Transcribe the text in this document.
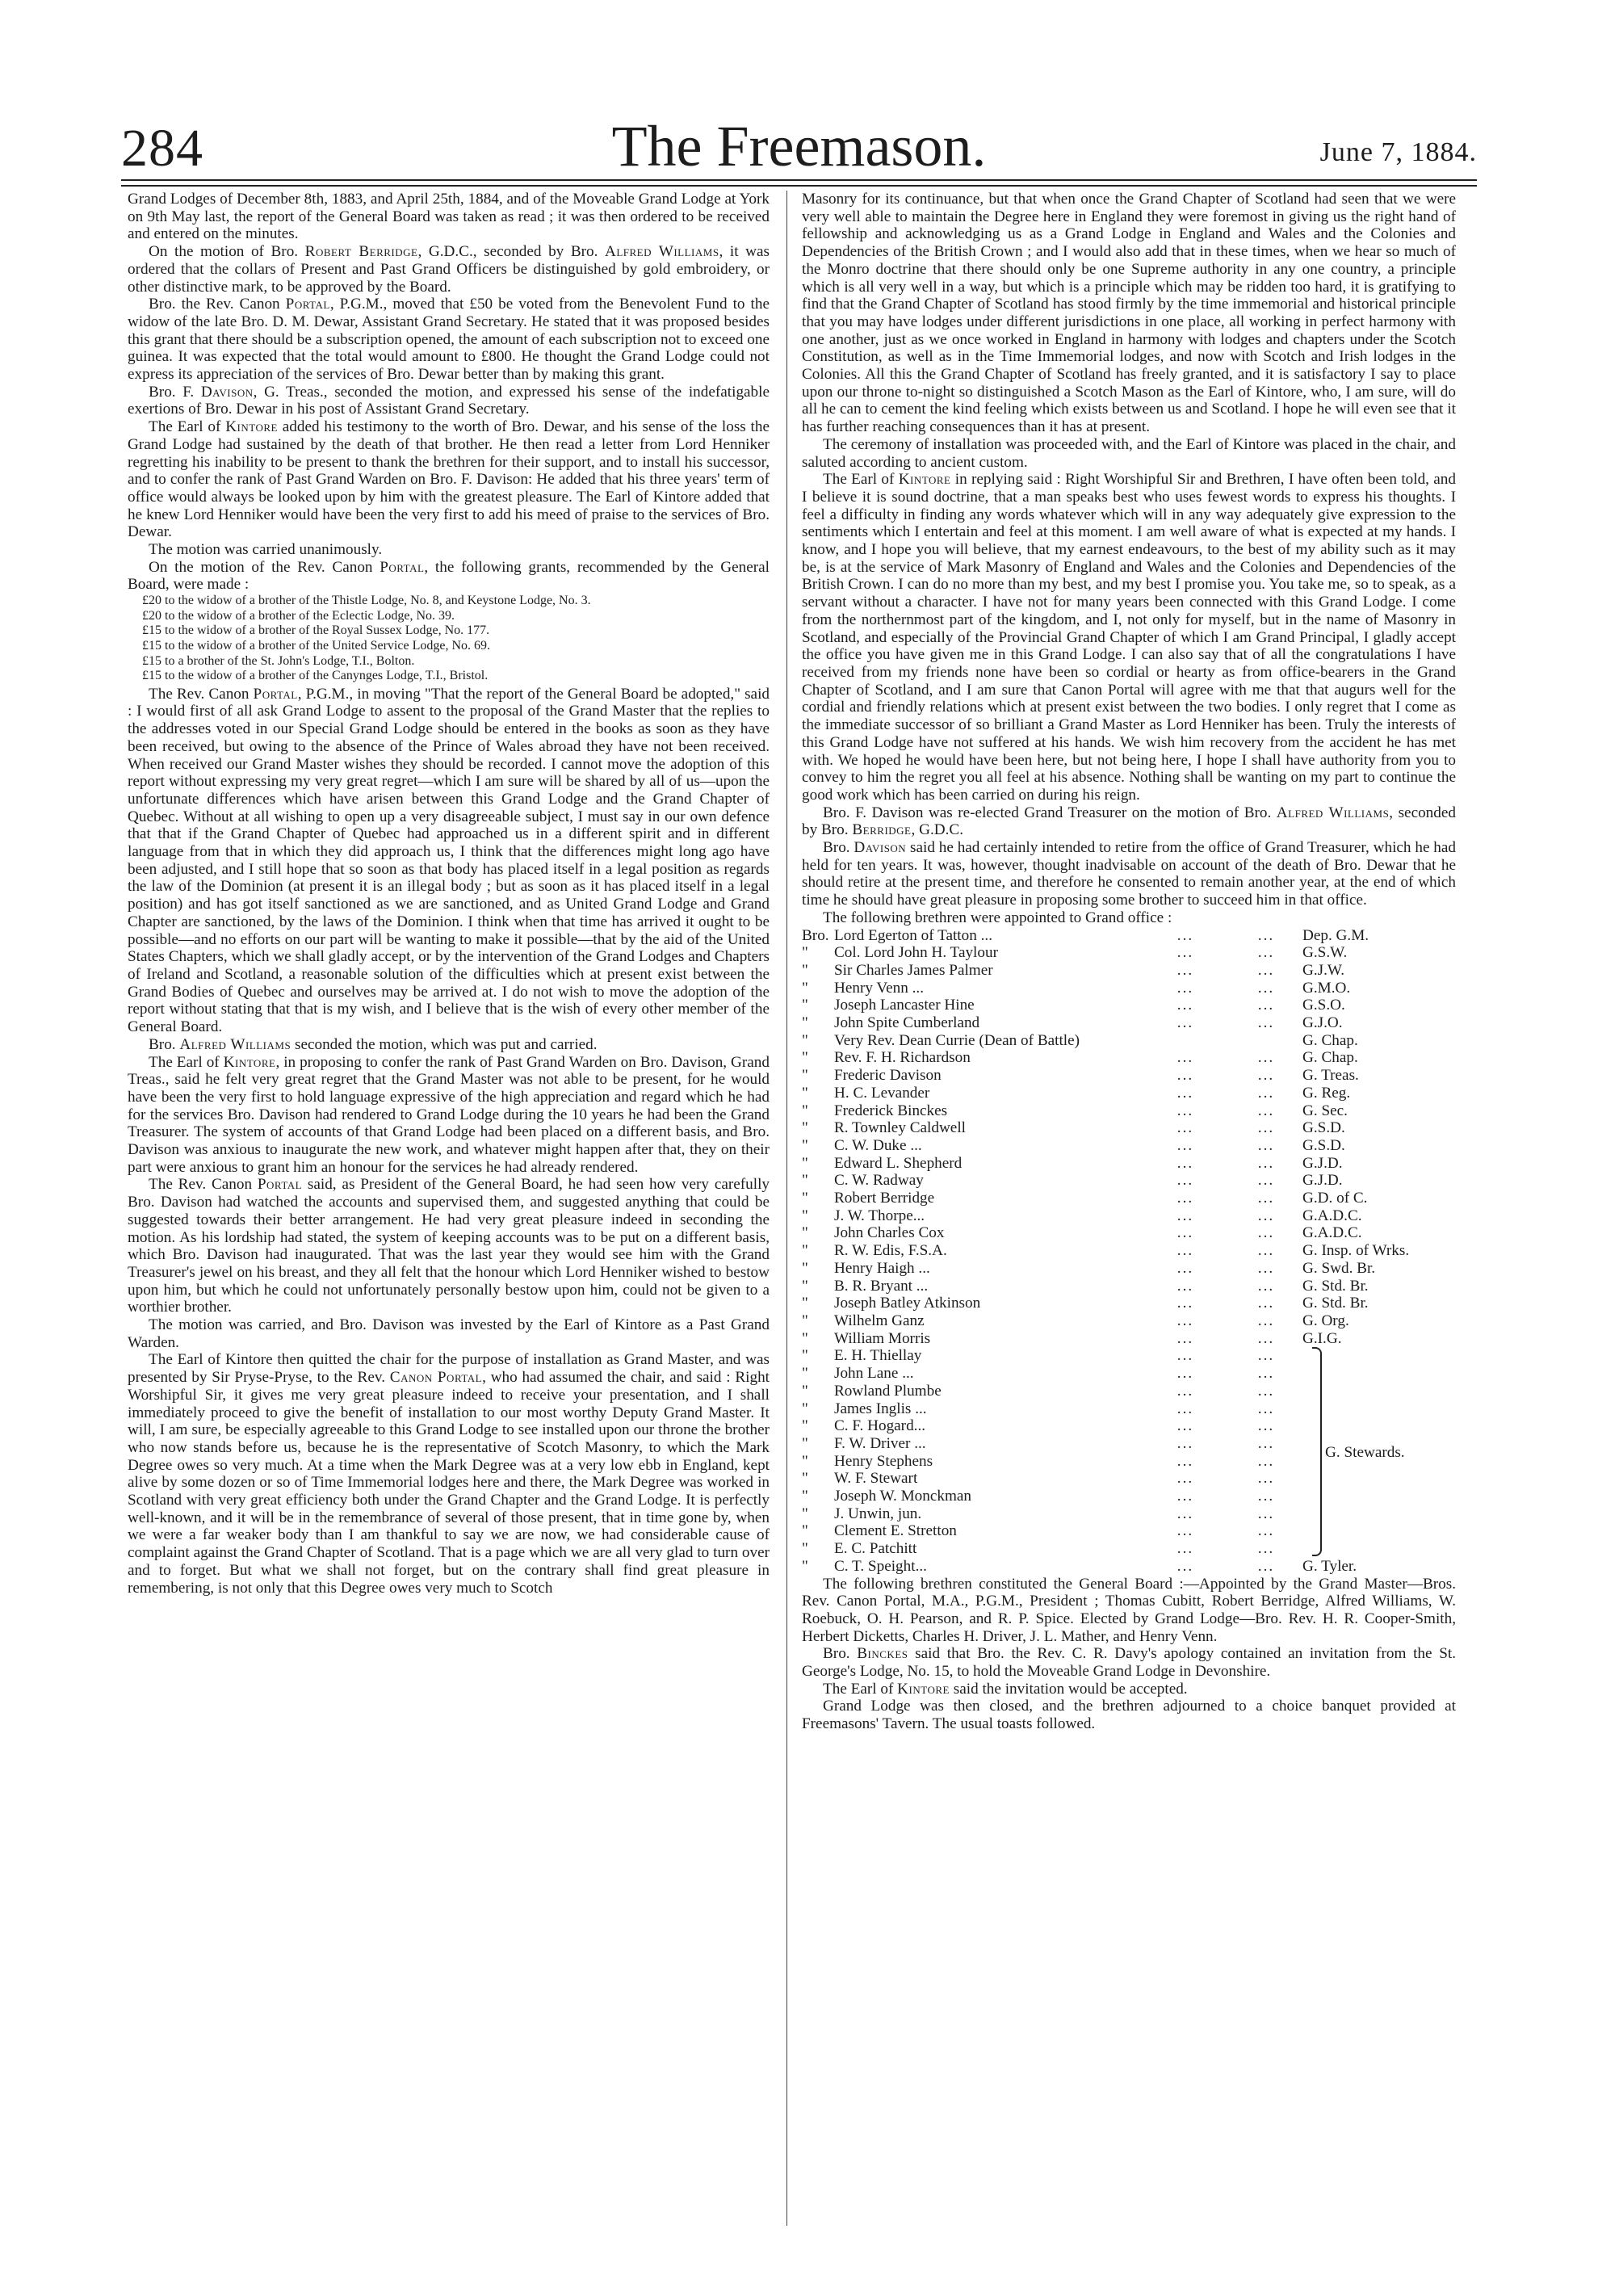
284	The Freemason.	June 7, 1884.

Grand Lodges of December 8th, 1883, and April 25th, 1884, and of the Moveable Grand Lodge at York on 9th May last, the report of the General Board was taken as read ; it was then ordered to be received and entered on the minutes.

On the motion of Bro. Robert Berridge, G.D.C., seconded by Bro. Alfred Williams, it was ordered that the collars of Present and Past Grand Officers be distinguished by gold embroidery, or other distinctive mark, to be approved by the Board.

Bro. the Rev. Canon Portal, P.G.M., moved that £50 be voted from the Benevolent Fund to the widow of the late Bro. D. M. Dewar, Assistant Grand Secretary. He stated that it was proposed besides this grant that there should be a subscription opened, the amount of each subscription not to exceed one guinea. It was expected that the total would amount to £800. He thought the Grand Lodge could not express its appreciation of the services of Bro. Dewar better than by making this grant.

Bro. F. Davison, G. Treas., seconded the motion, and expressed his sense of the indefatigable exertions of Bro. Dewar in his post of Assistant Grand Secretary.

The Earl of Kintore added his testimony to the worth of Bro. Dewar, and his sense of the loss the Grand Lodge had sustained by the death of that brother. He then read a letter from Lord Henniker regretting his inability to be present to thank the brethren for their support, and to install his successor, and to confer the rank of Past Grand Warden on Bro. F. Davison: He added that his three years' term of office would always be looked upon by him with the greatest pleasure. The Earl of Kintore added that he knew Lord Henniker would have been the very first to add his meed of praise to the services of Bro. Dewar.

The motion was carried unanimously.

On the motion of the Rev. Canon Portal, the following grants, recommended by the General Board, were made :

£20 to the widow of a brother of the Thistle Lodge, No. 8, and Keystone Lodge, No. 3.
£20 to the widow of a brother of the Eclectic Lodge, No. 39.
£15 to the widow of a brother of the Royal Sussex Lodge, No. 177.
£15 to the widow of a brother of the United Service Lodge, No. 69.
£15 to a brother of the St. John's Lodge, T.I., Bolton.
£15 to the widow of a brother of the Canynges Lodge, T.I., Bristol.

The Rev. Canon Portal, P.G.M., in moving "That the report of the General Board be adopted," said : I would first of all ask Grand Lodge to assent to the proposal of the Grand Master that the replies to the addresses voted in our Special Grand Lodge should be entered in the books as soon as they have been received, but owing to the absence of the Prince of Wales abroad they have not been received. When received our Grand Master wishes they should be recorded. I cannot move the adoption of this report without expressing my very great regret—which I am sure will be shared by all of us—upon the unfortunate differences which have arisen between this Grand Lodge and the Grand Chapter of Quebec. Without at all wishing to open up a very disagreeable subject, I must say in our own defence that that if the Grand Chapter of Quebec had approached us in a different spirit and in different language from that in which they did approach us, I think that the differences might long ago have been adjusted, and I still hope that so soon as that body has placed itself in a legal position as regards the law of the Dominion (at present it is an illegal body ; but as soon as it has placed itself in a legal position) and has got itself sanctioned as we are sanctioned, and as United Grand Lodge and Grand Chapter are sanctioned, by the laws of the Dominion. I think when that time has arrived it ought to be possible—and no efforts on our part will be wanting to make it possible—that by the aid of the United States Chapters, which we shall gladly accept, or by the intervention of the Grand Lodges and Chapters of Ireland and Scotland, a reasonable solution of the difficulties which at present exist between the Grand Bodies of Quebec and ourselves may be arrived at. I do not wish to move the adoption of the report without stating that that is my wish, and I believe that is the wish of every other member of the General Board.

Bro. Alfred Williams seconded the motion, which was put and carried.

The Earl of Kintore, in proposing to confer the rank of Past Grand Warden on Bro. Davison, Grand Treas., said he felt very great regret that the Grand Master was not able to be present, for he would have been the very first to hold language expressive of the high appreciation and regard which he had for the services Bro. Davison had rendered to Grand Lodge during the 10 years he had been the Grand Treasurer. The system of accounts of that Grand Lodge had been placed on a different basis, and Bro. Davison was anxious to inaugurate the new work, and whatever might happen after that, they on their part were anxious to grant him an honour for the services he had already rendered.

The Rev. Canon Portal said, as President of the General Board, he had seen how very carefully Bro. Davison had watched the accounts and supervised them, and suggested anything that could be suggested towards their better arrangement. He had very great pleasure indeed in seconding the motion. As his lordship had stated, the system of keeping accounts was to be put on a different basis, which Bro. Davison had inaugurated. That was the last year they would see him with the Grand Treasurer's jewel on his breast, and they all felt that the honour which Lord Henniker wished to bestow upon him, but which he could not unfortunately personally bestow upon him, could not be given to a worthier brother.

The motion was carried, and Bro. Davison was invested by the Earl of Kintore as a Past Grand Warden.

The Earl of Kintore then quitted the chair for the purpose of installation as Grand Master, and was presented by Sir Pryse-Pryse, to the Rev. Canon Portal, who had assumed the chair, and said : Right Worshipful Sir, it gives me very great pleasure indeed to receive your presentation, and I shall immediately proceed to give the benefit of installation to our most worthy Deputy Grand Master. It will, I am sure, be especially agreeable to this Grand Lodge to see installed upon our throne the brother who now stands before us, because he is the representative of Scotch Masonry, to which the Mark Degree owes so very much. At a time when the Mark Degree was at a very low ebb in England, kept alive by some dozen or so of Time Immemorial lodges here and there, the Mark Degree was worked in Scotland with very great efficiency both under the Grand Chapter and the Grand Lodge. It is perfectly well-known, and it will be in the remembrance of several of those present, that in time gone by, when we were a far weaker body than I am thankful to say we are now, we had considerable cause of complaint against the Grand Chapter of Scotland. That is a page which we are all very glad to turn over and to forget. But what we shall not forget, but on the contrary shall find great pleasure in remembering, is not only that this Degree owes very much to Scotch

Masonry for its continuance, but that when once the Grand Chapter of Scotland had seen that we were very well able to maintain the Degree here in England they were foremost in giving us the right hand of fellowship and acknowledging us as a Grand Lodge in England and Wales and the Colonies and Dependencies of the British Crown ; and I would also add that in these times, when we hear so much of the Monro doctrine that there should only be one Supreme authority in any one country, a principle which is all very well in a way, but which is a principle which may be ridden too hard, it is gratifying to find that the Grand Chapter of Scotland has stood firmly by the time immemorial and historical principle that you may have lodges under different jurisdictions in one place, all working in perfect harmony with one another, just as we once worked in England in harmony with lodges and chapters under the Scotch Constitution, as well as in the Time Immemorial lodges, and now with Scotch and Irish lodges in the Colonies. All this the Grand Chapter of Scotland has freely granted, and it is satisfactory I say to place upon our throne to-night so distinguished a Scotch Mason as the Earl of Kintore, who, I am sure, will do all he can to cement the kind feeling which exists between us and Scotland. I hope he will even see that it has further reaching consequences than it has at present.

The ceremony of installation was proceeded with, and the Earl of Kintore was placed in the chair, and saluted according to ancient custom.

The Earl of Kintore in replying said : Right Worshipful Sir and Brethren, I have often been told, and I believe it is sound doctrine, that a man speaks best who uses fewest words to express his thoughts. I feel a difficulty in finding any words whatever which will in any way adequately give expression to the sentiments which I entertain and feel at this moment. I am well aware of what is expected at my hands. I know, and I hope you will believe, that my earnest endeavours, to the best of my ability such as it may be, is at the service of Mark Masonry of England and Wales and the Colonies and Dependencies of the British Crown. I can do no more than my best, and my best I promise you. You take me, so to speak, as a servant without a character. I have not for many years been connected with this Grand Lodge. I come from the northernmost part of the kingdom, and I, not only for myself, but in the name of Masonry in Scotland, and especially of the Provincial Grand Chapter of which I am Grand Principal, I gladly accept the office you have given me in this Grand Lodge. I can also say that of all the congratulations I have received from my friends none have been so cordial or hearty as from office-bearers in the Grand Chapter of Scotland, and I am sure that Canon Portal will agree with me that that augurs well for the cordial and friendly relations which at present exist between the two bodies. I only regret that I come as the immediate successor of so brilliant a Grand Master as Lord Henniker has been. Truly the interests of this Grand Lodge have not suffered at his hands. We wish him recovery from the accident he has met with. We hoped he would have been here, but not being here, I hope I shall have authority from you to convey to him the regret you all feel at his absence. Nothing shall be wanting on my part to continue the good work which has been carried on during his reign.

Bro. F. Davison was re-elected Grand Treasurer on the motion of Bro. Alfred Williams, seconded by Bro. Berridge, G.D.C.

Bro. Davison said he had certainly intended to retire from the office of Grand Treasurer, which he had held for ten years. It was, however, thought inadvisable on account of the death of Bro. Dewar that he should retire at the present time, and therefore he consented to remain another year, at the end of which time he should have great pleasure in proposing some brother to succeed him in that office.

The following brethren were appointed to Grand office :

Bro.	Lord Egerton of Tatton ...	...	...	Dep. G.M.
"	Col. Lord John H. Taylour	...	...	G.S.W.
"	Sir Charles James Palmer	...	...	G.J.W.
"	Henry Venn ...	...	...	G.M.O.
"	Joseph Lancaster Hine	...	...	G.S.O.
"	John Spite Cumberland	...	...	G.J.O.
"	Very Rev. Dean Currie (Dean of Battle)			G. Chap.
"	Rev. F. H. Richardson	...	...	G. Chap.
"	Frederic Davison	...	...	G. Treas.
"	H. C. Levander	...	...	G. Reg.
"	Frederick Binckes	...	...	G. Sec.
"	R. Townley Caldwell	...	...	G.S.D.
"	C. W. Duke ...	...	...	G.S.D.
"	Edward L. Shepherd	...	...	G.J.D.
"	C. W. Radway	...	...	G.J.D.
"	Robert Berridge	...	...	G.D. of C.
"	J. W. Thorpe...	...	...	G.A.D.C.
"	John Charles Cox	...	...	G.A.D.C.
"	R. W. Edis, F.S.A.	...	...	G. Insp. of Wrks.
"	Henry Haigh ...	...	...	G. Swd. Br.
"	B. R. Bryant ...	...	...	G. Std. Br.
"	Joseph Batley Atkinson	...	...	G. Std. Br.
"	Wilhelm Ganz	...	...	G. Org.
"	William Morris	...	...	G.I.G.
"	E. H. Thiellay	...	...	
"	John Lane ...	...	...	
"	Rowland Plumbe	...	...	
"	James Inglis ...	...	...	
"	C. F. Hogard...	...	...	
"	F. W. Driver ...	...	...	
"	Henry Stephens	...	...	
"	W. F. Stewart	...	...	
"	Joseph W. Monckman	...	...	
"	J. Unwin, jun.	...	...	
"	Clement E. Stretton	...	...	
"	E. C. Patchitt	...	...	
G. Stewards.
"	C. T. Speight...	...	...	G. Tyler.

The following brethren constituted the General Board :—Appointed by the Grand Master—Bros. Rev. Canon Portal, M.A., P.G.M., President ; Thomas Cubitt, Robert Berridge, Alfred Williams, W. Roebuck, O. H. Pearson, and R. P. Spice. Elected by Grand Lodge—Bro. Rev. H. R. Cooper-Smith, Herbert Dicketts, Charles H. Driver, J. L. Mather, and Henry Venn.

Bro. Binckes said that Bro. the Rev. C. R. Davy's apology contained an invitation from the St. George's Lodge, No. 15, to hold the Moveable Grand Lodge in Devonshire.

The Earl of Kintore said the invitation would be accepted.

Grand Lodge was then closed, and the brethren adjourned to a choice banquet provided at Freemasons' Tavern. The usual toasts followed.
